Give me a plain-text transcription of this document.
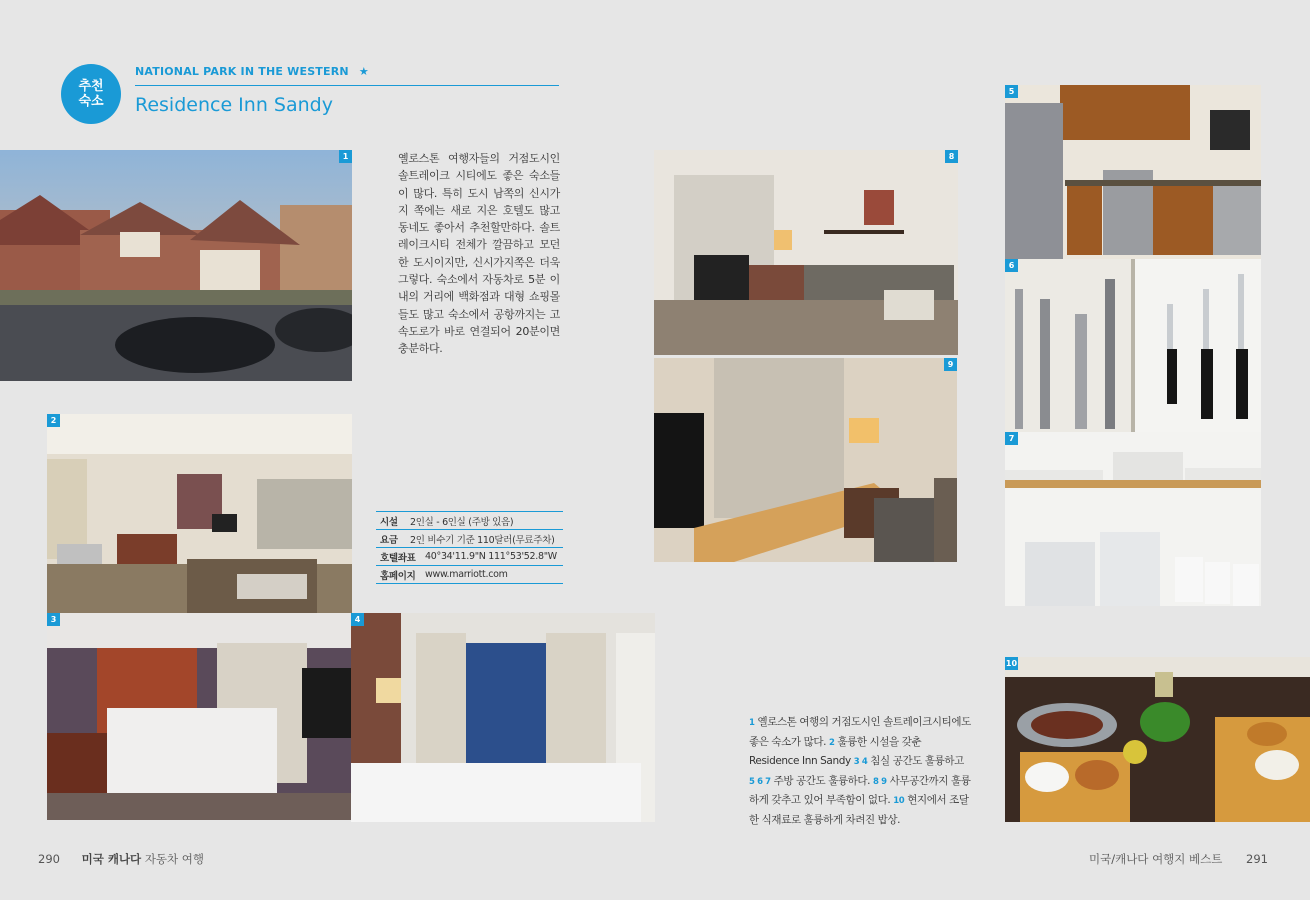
추천
숙소
NATIONAL PARK IN THE WESTERN ★
Residence Inn Sandy
1	옐로스톤 여행자들의 거점도시인 솔트레이크 시티에도 좋은 숙소들이 많다. 특히 도시 남쪽의 신시가지 쪽에는 새로 지은 호텔도 많고 동네도 좋아서 추천할만하다. 솔트레이크시티 전체가 깔끔하고 모던한 도시이지만, 신시가지쪽은 더욱 그렇다. 숙소에서 자동차로 5분 이내의 거리에 백화점과 대형 쇼핑몰들도 많고 숙소에서 공항까지는 고속도로가 바로 연결되어 20분이면 충분하다.
2
시설	2인실 - 6인실 (주방 있음)
요금	2인 비수기 기준 110달러(무료주차)
호텔좌표 40°34'11.9"N 111°53'52.8"W
홈페이지 www.marriott.com
3	4
8
9
5
6
7
10
1 옐로스톤 여행의 거점도시인 솔트레이크시티에도 좋은 숙소가 많다. 2 훌륭한 시설을 갖춘 Residence Inn Sandy 3 4 침실 공간도 훌륭하고 5 6 7 주방 공간도 훌륭하다. 8 9 사무공간까지 훌륭하게 갖추고 있어 부족함이 없다. 10 현지에서 조달한 식재료로 훌륭하게 차려진 밥상.
290 미국 캐나다 자동차 여행	미국/캐나다 여행지 베스트 291
